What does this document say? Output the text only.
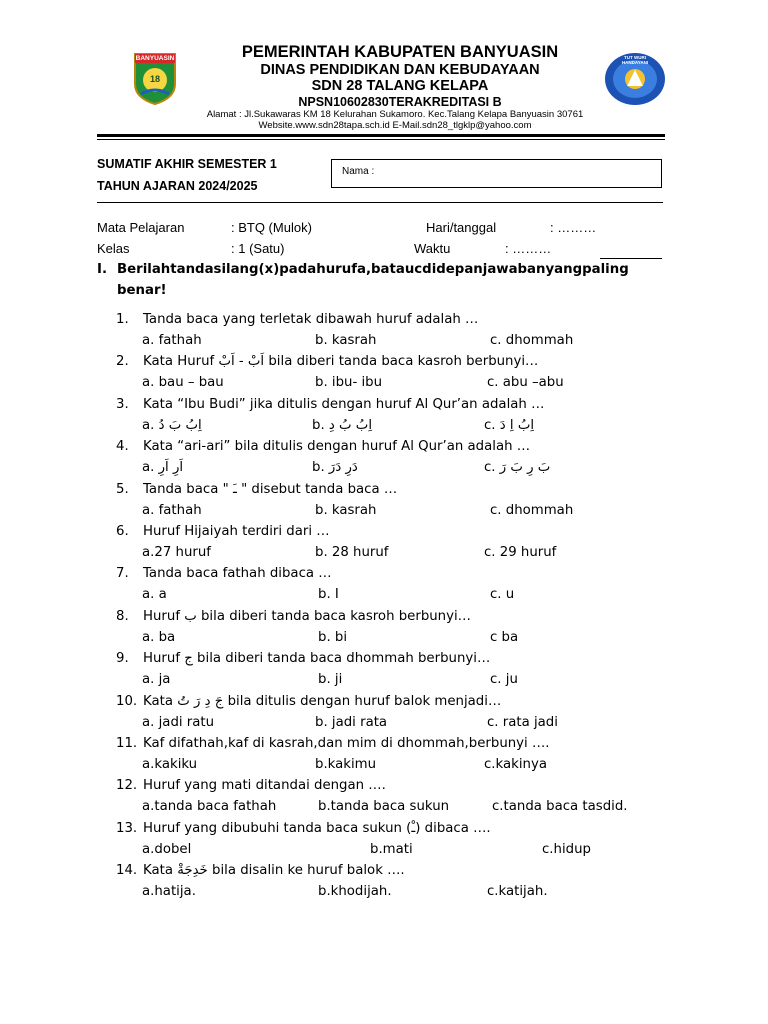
BANYUASIN
18
TUT WURI HANDAYANI
PEMERINTAH KABUPATEN BANYUASIN
DINAS PENDIDIKAN DAN KEBUDAYAAN
SDN 28 TALANG KELAPA
NPSN10602830TERAKREDITASI B
Alamat : Jl.Sukawaras KM 18 Kelurahan Sukamoro. Kec.Talang Kelapa Banyuasin 30761
Website.www.sdn28tapa.sch.id E-Mail.sdn28_tlgklp@yahoo.com
SUMATIF AKHIR SEMESTER 1
TAHUN AJARAN 2024/2025
Nama :
Mata Pelajaran	: BTQ (Mulok)	Hari/tanggal	: ………
Kelas	: 1 (Satu)	Waktu	: ………
I. Berilahtandasilang(x)padahurufa,bataucdidepanjawabanyangpaling
benar!
1. Tanda baca yang terletak dibawah huruf adalah …
a. fathah	b. kasrah	c. dhommah
2. Kata Huruf اَبْ - اَبْ bila diberi tanda baca kasroh berbunyi…
a. bau – bau	b. ibu- ibu	c. abu –abu
3. Kata “Ibu Budi” jika ditulis dengan huruf Al Qur’an adalah …
a. اِبُ بَ دُ	b. اِبُ بُ دِ	c. اِبُ اِ دَ
4. Kata “ari-ari” bila ditulis dengan huruf Al Qur’an adalah …
a. اَرِ اَرِ	b. دَرِ دَرَ	c. بَ رِ بَ رَ
5. Tanda baca " ـَ " disebut tanda baca …
a. fathah	b. kasrah	c. dhommah
6. Huruf Hijaiyah terdiri dari …
a.27 huruf	b. 28 huruf	c. 29 huruf
7. Tanda baca fathah dibaca …
a. a	b. I	c. u
8. Huruf ب bila diberi tanda baca kasroh berbunyi…
a. ba	b. bi	c ba
9. Huruf ج bila diberi tanda baca dhommah berbunyi…
a. ja	b. ji	c. ju
10. Kata جَ دِ رَ تُ bila ditulis dengan huruf balok menjadi…
a. jadi ratu	b. jadi rata	c. rata jadi
11. Kaf difathah,kaf di kasrah,dan mim di dhommah,berbunyi ….
a.kakiku	b.kakimu	c.kakinya
12. Huruf yang mati ditandai dengan ….
a.tanda baca fathah	b.tanda baca sukun	c.tanda baca tasdid.
13. Huruf yang dibubuhi tanda baca sukun (ـْ) dibaca ….
a.dobel	b.mati	c.hidup
14. Kata خَدِجَةْ bila disalin ke huruf balok ….
a.hatija.	b.khodijah.	c.katijah.
